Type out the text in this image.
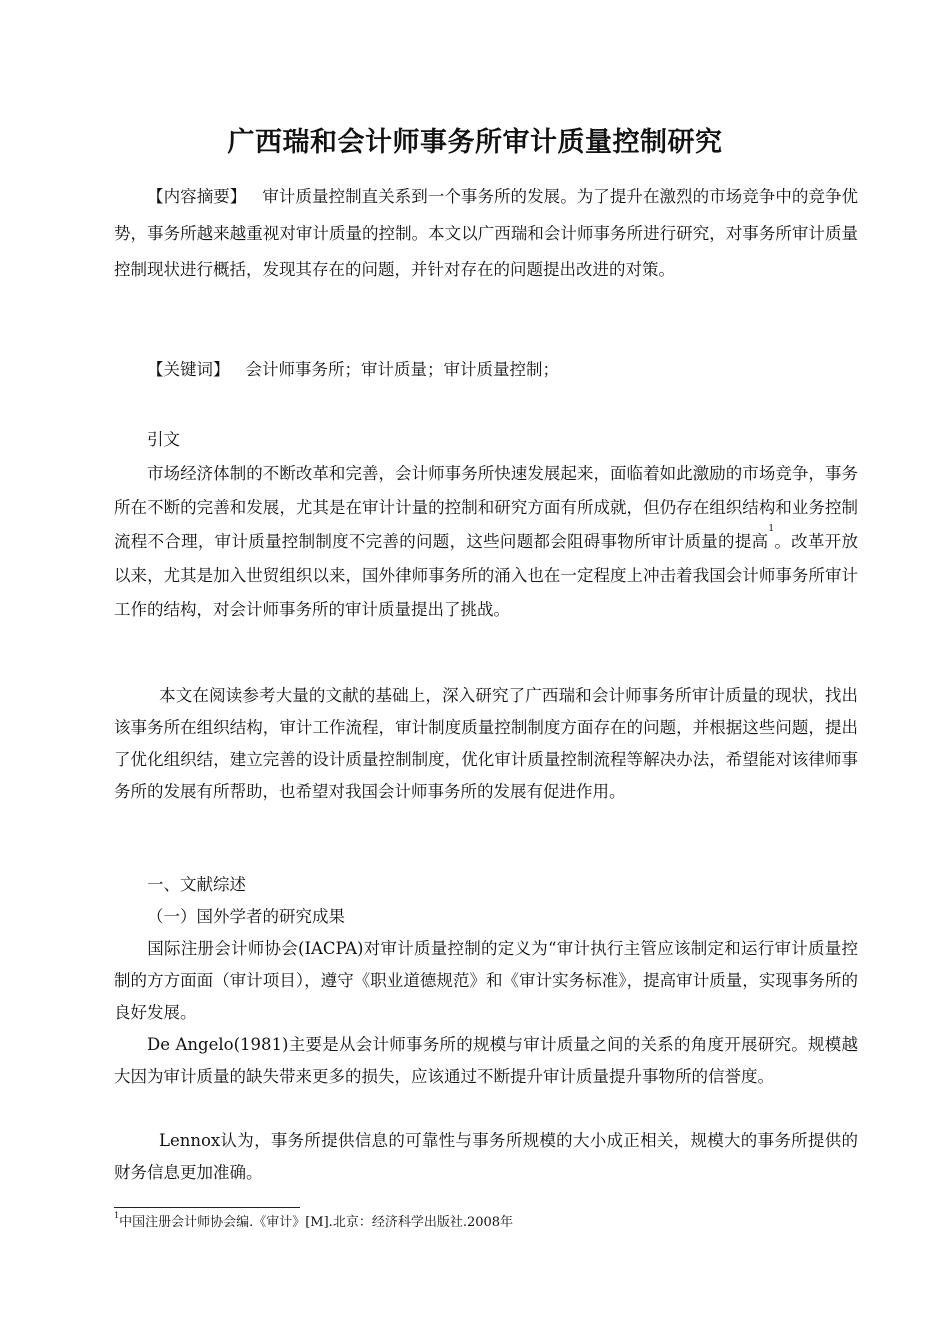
广西瑞和会计师事务所审计质量控制研究

【内容摘要】 审计质量控制直关系到一个事务所的发展。为了提升在激烈的市场竞争中的竞争优势，事务所越来越重视对审计质量的控制。本文以广西瑞和会计师事务所进行研究，对事务所审计质量控制现状进行概括，发现其存在的问题，并针对存在的问题提出改进的对策。

【关键词】 会计师事务所；审计质量；审计质量控制；

引文

市场经济体制的不断改革和完善，会计师事务所快速发展起来，面临着如此激励的市场竞争，事务所在不断的完善和发展，尤其是在审计计量的控制和研究方面有所成就，但仍存在组织结构和业务控制流程不合理，审计质量控制制度不完善的问题，这些问题都会阻碍事物所审计质量的提高$^1$。改革开放以来，尤其是加入世贸组织以来，国外律师事务所的涌入也在一定程度上冲击着我国会计师事务所审计工作的结构，对会计师事务所的审计质量提出了挑战。

本文在阅读参考大量的文献的基础上，深入研究了广西瑞和会计师事务所审计质量的现状，找出该事务所在组织结构，审计工作流程，审计制度质量控制制度方面存在的问题，并根据这些问题，提出了优化组织结，建立完善的设计质量控制制度，优化审计质量控制流程等解决办法，希望能对该律师事务所的发展有所帮助，也希望对我国会计师事务所的发展有促进作用。

一、文献综述

（一）国外学者的研究成果

国际注册会计师协会(IACPA)对审计质量控制的定义为“审计执行主管应该制定和运行审计质量控制的方方面面（审计项目），遵守《职业道德规范》和《审计实务标准》，提高审计质量，实现事务所的良好发展。

De Angelo(1981)主要是从会计师事务所的规模与审计质量之间的关系的角度开展研究。规模越大因为审计质量的缺失带来更多的损失，应该通过不断提升审计质量提升事物所的信誉度。

Lennox认为，事务所提供信息的可靠性与事务所规模的大小成正相关，规模大的事务所提供的财务信息更加准确。

$^1$中国注册会计师协会编.《审计》[M].北京：经济科学出版社.2008年
